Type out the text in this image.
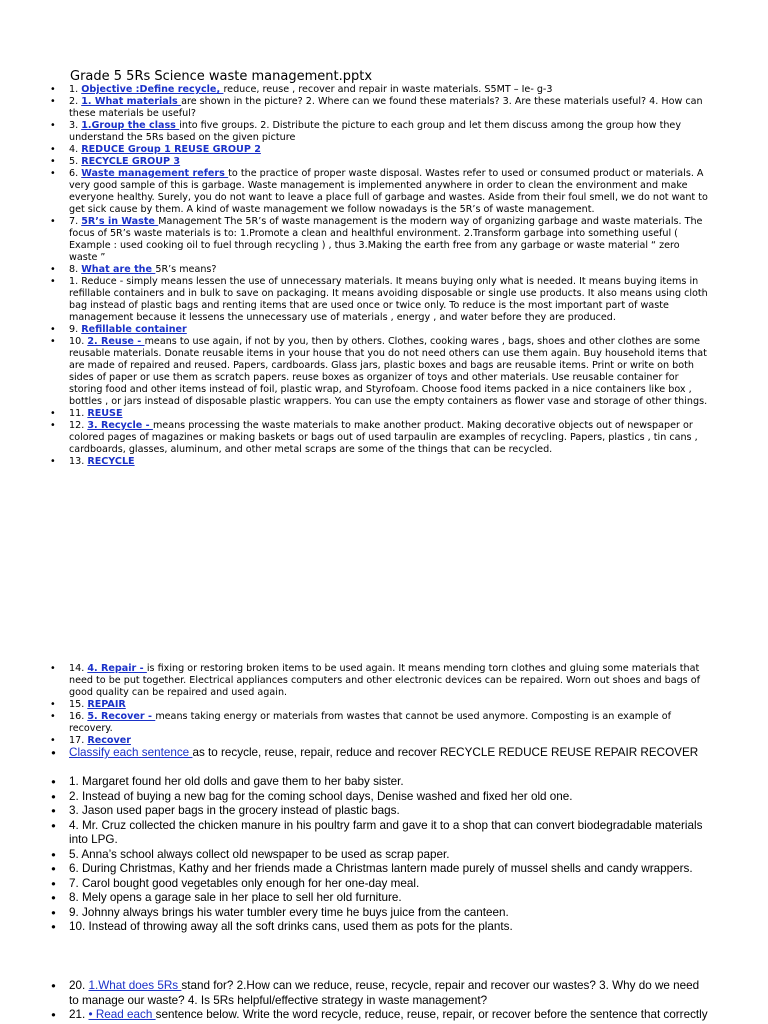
Grade 5 5Rs Science waste management.pptx
• 1. Objective :Define recycle, reduce, reuse , recover and repair in waste materials. S5MT – Ie- g-3
• 2. 1. What materials are shown in the picture? 2. Where can we found these materials? 3. Are these materials useful? 4. How can these materials be useful?
• 3. 1.Group the class into five groups. 2. Distribute the picture to each group and let them discuss among the group how they understand the 5Rs based on the given picture
• 4. REDUCE Group 1 REUSE GROUP 2
• 5. RECYCLE GROUP 3
• 6. Waste management refers to the practice of proper waste disposal. Wastes refer to used or consumed product or materials. A very good sample of this is garbage. Waste management is implemented anywhere in order to clean the environment and make everyone healthy. Surely, you do not want to leave a place full of garbage and wastes. Aside from their foul smell, we do not want to get sick cause by them. A kind of waste management we follow nowadays is the 5R’s of waste management.
• 7. 5R’s in Waste Management The 5R’s of waste management is the modern way of organizing garbage and waste materials. The focus of 5R’s waste materials is to: 1.Promote a clean and healthful environment. 2.Transform garbage into something useful ( Example : used cooking oil to fuel through recycling ) , thus 3.Making the earth free from any garbage or waste material “ zero waste ”
• 8. What are the 5R’s means?
• 1. Reduce - simply means lessen the use of unnecessary materials. It means buying only what is needed. It means buying items in refillable containers and in bulk to save on packaging. It means avoiding disposable or single use products. It also means using cloth bag instead of plastic bags and renting items that are used once or twice only. To reduce is the most important part of waste management because it lessens the unnecessary use of materials , energy , and water before they are produced.
• 9. Refillable container
• 10. 2. Reuse - means to use again, if not by you, then by others. Clothes, cooking wares , bags, shoes and other clothes are some reusable materials. Donate reusable items in your house that you do not need others can use them again. Buy household items that are made of repaired and reused. Papers, cardboards. Glass jars, plastic boxes and bags are reusable items. Print or write on both sides of paper or use them as scratch papers. reuse boxes as organizer of toys and other materials. Use reusable container for storing food and other items instead of foil, plastic wrap, and Styrofoam. Choose food items packed in a nice containers like box , bottles , or jars instead of disposable plastic wrappers. You can use the empty containers as flower vase and storage of other things.
• 11. REUSE
• 12. 3. Recycle - means processing the waste materials to make another product. Making decorative objects out of newspaper or colored pages of magazines or making baskets or bags out of used tarpaulin are examples of recycling. Papers, plastics , tin cans , cardboards, glasses, aluminum, and other metal scraps are some of the things that can be recycled.
• 13. RECYCLE
• 14. 4. Repair - is fixing or restoring broken items to be used again. It means mending torn clothes and gluing some materials that need to be put together. Electrical appliances computers and other electronic devices can be repaired. Worn out shoes and bags of good quality can be repaired and used again.
• 15. REPAIR
• 16. 5. Recover - means taking energy or materials from wastes that cannot be used anymore. Composting is an example of recovery.
• 17. Recover
• Classify each sentence as to recycle, reuse, repair, reduce and recover RECYCLE REDUCE REUSE REPAIR RECOVER
• 1. Margaret found her old dolls and gave them to her baby sister.
• 2. Instead of buying a new bag for the coming school days, Denise washed and fixed her old one.
• 3. Jason used paper bags in the grocery instead of plastic bags.
• 4. Mr. Cruz collected the chicken manure in his poultry farm and gave it to a shop that can convert biodegradable materials into LPG.
• 5. Anna’s school always collect old newspaper to be used as scrap paper.
• 6. During Christmas, Kathy and her friends made a Christmas lantern made purely of mussel shells and candy wrappers.
• 7. Carol bought good vegetables only enough for her one-day meal.
• 8. Mely opens a garage sale in her place to sell her old furniture.
• 9. Johnny always brings his water tumbler every time he buys juice from the canteen.
• 10. Instead of throwing away all the soft drinks cans, used them as pots for the plants.
• 20. 1.What does 5Rs stand for? 2.How can we reduce, reuse, recycle, repair and recover our wastes? 3. Why do we need to manage our waste? 4. Is 5Rs helpful/effective strategy in waste management?
• 21. • Read each sentence below. Write the word recycle, reduce, reuse, repair, or recover before the sentence that correctly
